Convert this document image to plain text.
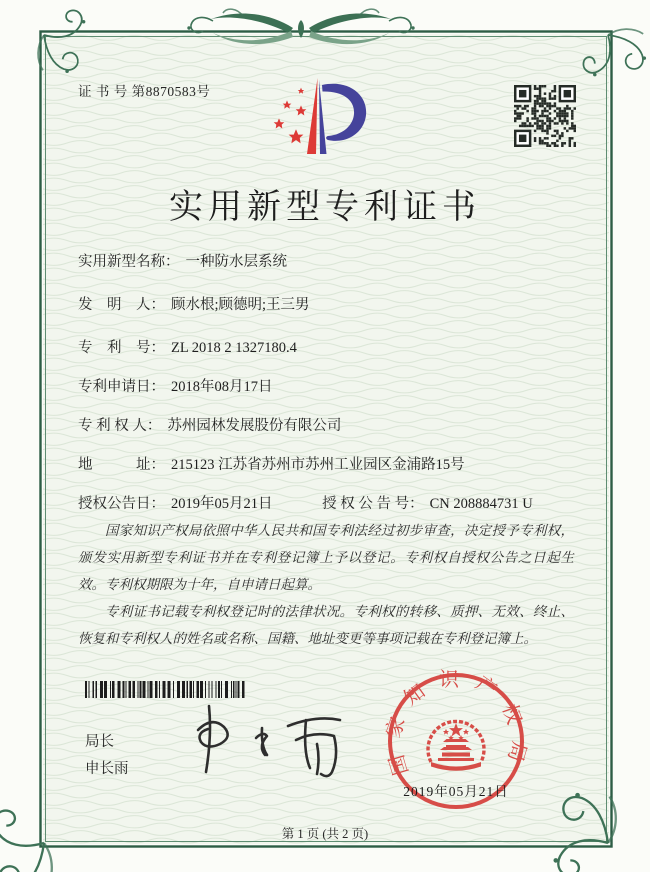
证 书 号 第8870583号
实用新型专利证书
实用新型名称： 一种防水层系统
发　明　人： 顾水根;顾德明;王三男
专　利　号： ZL 2018 2 1327180.4
专利申请日： 2018年08月17日
专 利 权 人： 苏州园林发展股份有限公司
地　　　址： 215123 江苏省苏州市苏州工业园区金浦路15号
授权公告日： 2019年05月21日	授 权 公 告 号： CN 208884731 U

国家知识产权局依照中华人民共和国专利法经过初步审查，决定授予专利权，颁发实用新型专利证书并在专利登记簿上予以登记。专利权自授权公告之日起生效。专利权期限为十年，自申请日起算。

专利证书记载专利权登记时的法律状况。专利权的转移、质押、无效、终止、恢复和专利权人的姓名或名称、国籍、地址变更等事项记载在专利登记簿上。

局长
申长雨	国家知识产权局
2019年05月21日
第 1 页 (共 2 页)
